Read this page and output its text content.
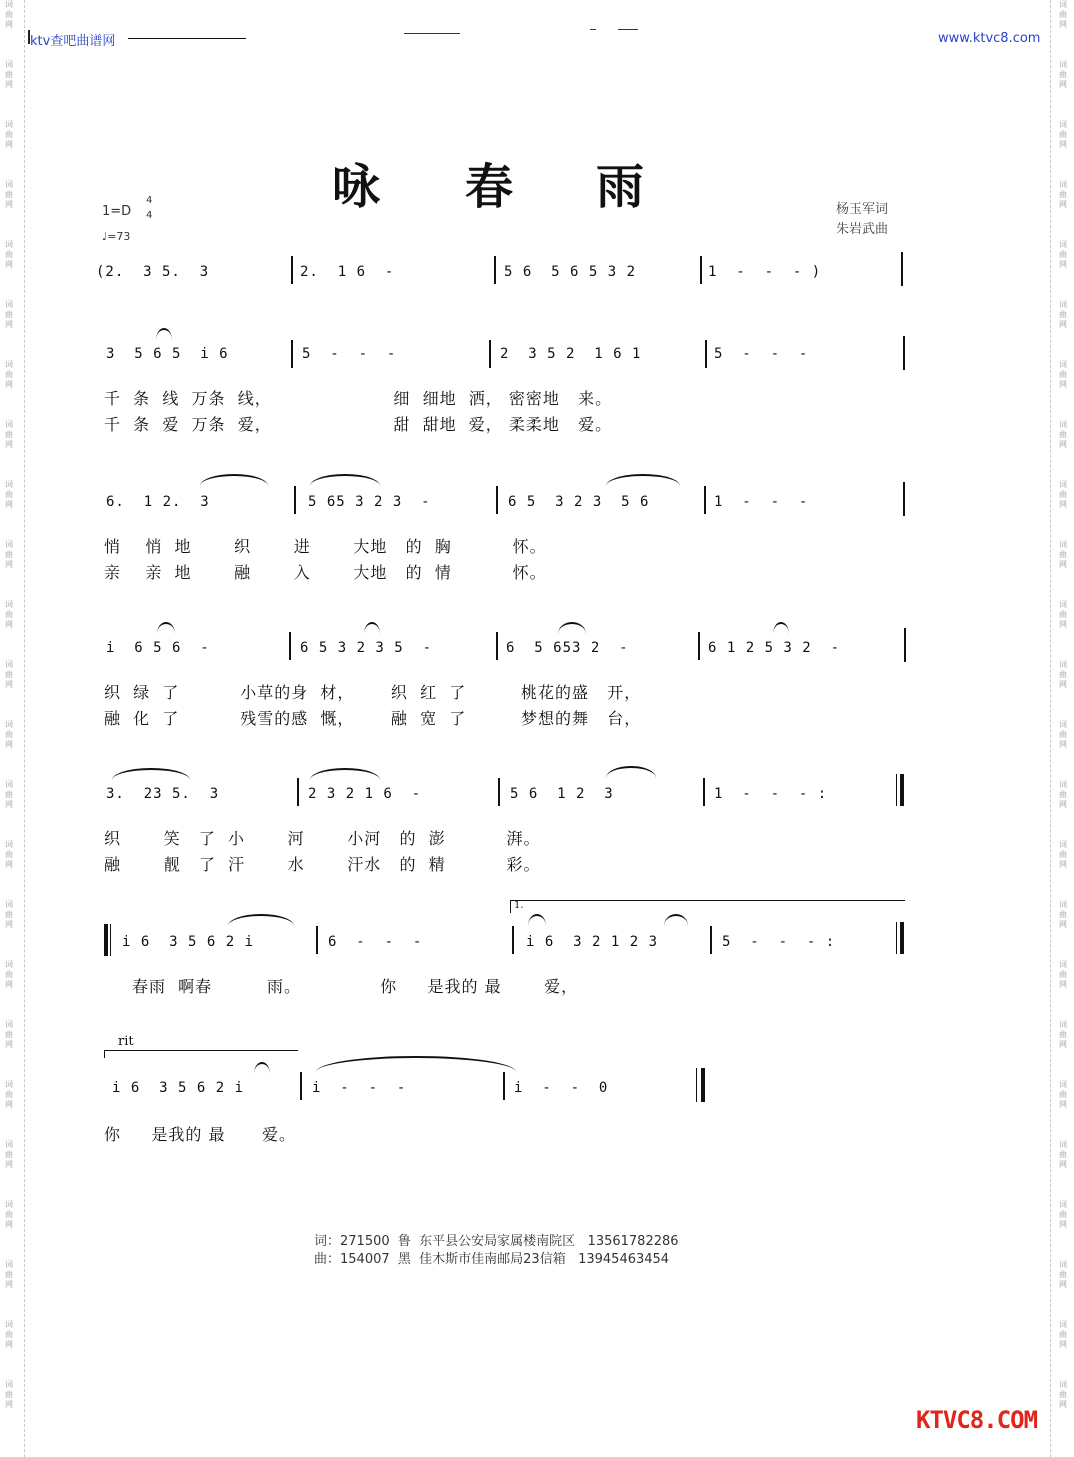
词
曲
网
词
曲
网
词
曲
网
词
曲
网
词
曲
网
词
曲
网
词
曲
网
词
曲
网
词
曲
网
词
曲
网
词
曲
网
词
曲
网
词
曲
网
词
曲
网
词
曲
网
词
曲
网
词
曲
网
词
曲
网
词
曲
网
词
曲
网
词
曲
网
词
曲
网
词
曲
网
词
曲
网
词
曲
网
词
曲
网
词
曲
网
词
曲
网
词
曲
网
词
曲
网
词
曲
网
词
曲
网
词
曲
网
词
曲
网
词
曲
网
词
曲
网
词
曲
网
词
曲
网
词
曲
网
词
曲
网
词
曲
网
词
曲
网
词
曲
网
词
曲
网
词
曲
网
词
曲
网
词
曲
网
词
曲
网
ktv查吧曲谱网	www.ktvc8.com
咏 春 雨
1=D
4
4
♩=73
杨玉军词
朱岩武曲
(2.  3 5.  3	2.  1 6  -	5 6  5 6 5 3 2	1  -  -  - )
3  5 6 5  i 6	5  -  -  -	2  3 5 2  1 6 1	5  -  -  -
千  条  线  万条  线，                    细  细地  洒， 密密地   来。
千  条  爱  万条  爱，                    甜  甜地  爱， 柔柔地   爱。
6.  1 2.  3	5 65 3 2 3  -	6 5  3 2 3  5 6	1  -  -  -
悄    悄  地       织       进       大地   的  胸          怀。
亲    亲  地       融       入       大地   的  情          怀。
i  6 5 6  -	6 5 3 2 3 5  -	6  5 653 2  -	6 1 2 5 3 2  -
织  绿  了          小草的身  材，      织  红  了         桃花的盛   开，
融  化  了          残雪的感  慨，      融  宽  了         梦想的舞   台，
3.  23 5.  3	2 3 2 1 6  -	5 6  1 2  3	1  -  -  - :
织       笑   了  小       河       小河   的  澎          湃。
融       靓   了  汗       水       汗水   的  精          彩。
1.
i 6  3 5 6 2 i	6  -  -  -	i 6  3 2 1 2 3	5  -  -  - :
春雨  啊春         雨。             你     是我的 最       爱，
rit
i 6  3 5 6 2 i	i  -  -  -	i  -  -  0
你     是我的 最      爱。
词：271500  鲁  东平县公安局家属楼南院区   13561782286
曲：154007  黑  佳木斯市佳南邮局23信箱   13945463454
KTVC8.COM
